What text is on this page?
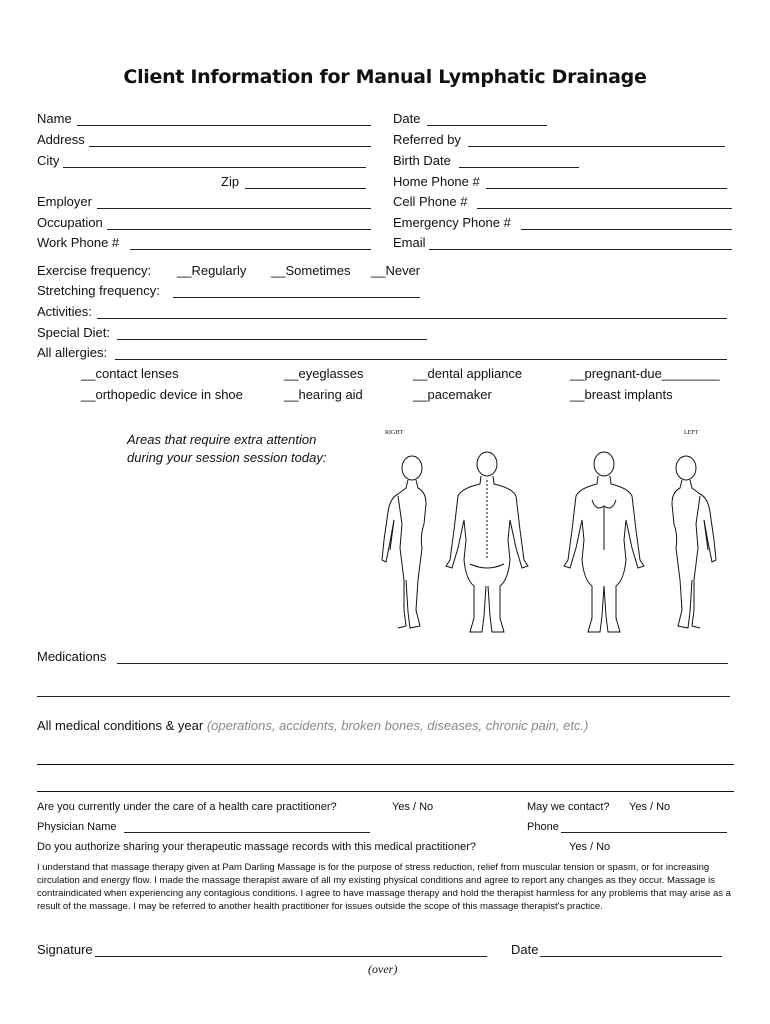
Client Information for Manual Lymphatic Drainage
Name
Address
City
Zip
Employer
Occupation
Work Phone #
Date
Referred by
Birth Date
Home Phone #
Cell Phone #
Emergency Phone #
Email
Exercise frequency: __Regularly __Sometimes __Never
Stretching frequency:
Activities:
Special Diet:
All allergies:
__contact lenses	__eyeglasses	__dental appliance	__pregnant-due________
__orthopedic device in shoe	__hearing aid	__pacemaker	__breast implants
Areas that require extra attention
during your session session today:
RIGHT	LEFT
Medications
All medical conditions & year (operations, accidents, broken bones, diseases, chronic pain, etc.)
Are you currently under the care of a health care practitioner?	Yes / No	May we contact? Yes / No
Physician Name	Phone
Do you authorize sharing your therapeutic massage records with this medical practitioner?	Yes / No
I understand that massage therapy given at Pam Darling Massage is for the purpose of stress reduction, relief from muscular tension or spasm, or for increasing circulation and energy flow. I made the massage therapist aware of all my existing physical conditions and agree to report any changes as they occur. Massage is contraindicated when experiencing any contagious conditions. I agree to have massage therapy and hold the therapist harmless for any problems that may arise as a result of the massage. I may be referred to another health practitioner for issues outside the scope of this massage therapist's practice.
Signature	Date
(over)
